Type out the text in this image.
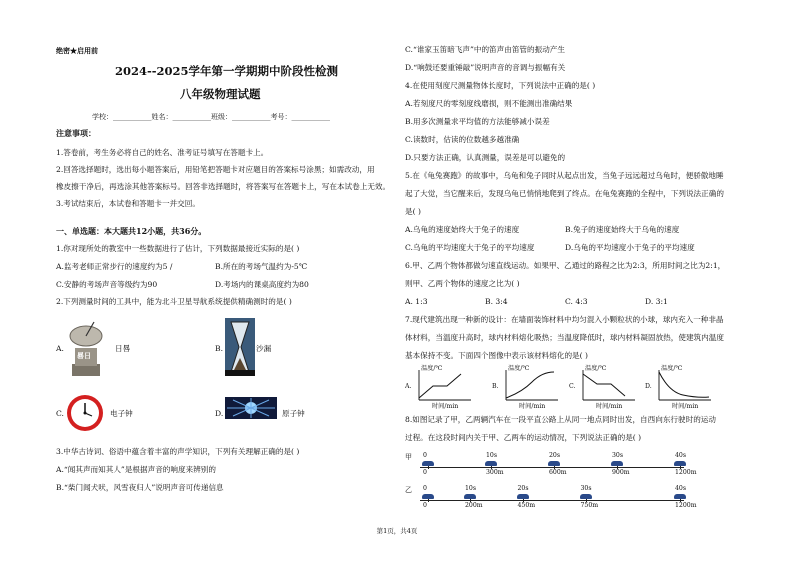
绝密★启用前
2024--2025学年第一学期期中阶段性检测
八年级物理试题
学校：___________姓名：___________班级：___________考号：___________
注意事项：
1.答卷前，考生务必将自己的姓名、准考证号填写在答题卡上。
2.回答选择题时，选出每小题答案后，用铅笔把答题卡对应题目的答案标号涂黑；如需改动，用
橡皮擦干净后，再选涂其他答案标号。回答非选择题时，将答案写在答题卡上，写在本试卷上无效。
3.考试结束后，本试卷和答题卡一并交回。
一、单选题：本大题共12小题，共36分。
1.你对现所处的教室中一些数据进行了估计，下列数据最接近实际的是( )
A.监考老师正常步行的速度约为5 /	B.所在的考场气温约为-5℃
C.安静的考场声音等级约为90	D.考场内的课桌高度约为80
2.下列测量时间的工具中，能为北斗卫星导航系统提供精确测时的是( )
A.
晷日
日晷	B.	沙漏
C.	电子钟	D.	原子钟
3.中华古诗词、俗语中蕴含着丰富的声学知识，下列有关理解正确的是( )
A.“闻其声而知其人”是根据声音的响度来辨别的
B.“柴门闻犬吠，风雪夜归人”说明声音可传递信息
C.“谁家玉笛暗飞声”中的笛声由笛管的振动产生
D.“响鼓还要重锤敲”说明声音的音调与振幅有关
4.在使用刻度尺测量物体长度时，下列说法中正确的是( )
A.若刻度尺的零刻度线磨损，则不能测出准确结果
B.用多次测量求平均值的方法能够减小误差
C.读数时，估读的位数越多越准确
D.只要方法正确，认真测量，误差是可以避免的
5.在《龟兔赛跑》的故事中，乌龟和兔子同时从起点出发，当兔子远远超过乌龟时，便骄傲地睡
起了大觉，当它醒来后，发现乌龟已悄悄地爬到了终点。在龟兔赛跑的全程中，下列说法正确的
是( )
A.乌龟的速度始终大于兔子的速度	B.兔子的速度始终大于乌龟的速度
C.乌龟的平均速度大于兔子的平均速度	D.乌龟的平均速度小于兔子的平均速度
6.甲、乙两个物体都做匀速直线运动。如果甲、乙通过的路程之比为2:3，所用时间之比为2:1，
则甲、乙两个物体的速度之比为( )
A. 1:3	B. 3:4	C. 4:3	D. 3:1
7.现代建筑出现一种新的设计：在墙面装饰材料中均匀混入小颗粒状的小球，球内充入一种非晶
体材料，当温度升高时，球内材料熔化吸热；当温度降低时，球内材料凝固放热，使建筑内温度
基本保持不变。下面四个图像中表示该材料熔化的是( )
A.
温度/℃
时间/min
B.
温度/℃
时间/min
C.
温度/℃
时间/min
D.
温度/℃
时间/min
8.如图记录了甲，乙两辆汽车在一段平直公路上从同一地点同时出发，自西向东行驶时的运动
过程。在这段时间内关于甲、乙两车的运动情况，下列说法正确的是( )
甲 0
0
10s
300m
20s
600m
30s
900m
40s
1200m
乙 0
0
10s
200m
20s
450m
30s
750m
40s
1200m
第1页，共4页
